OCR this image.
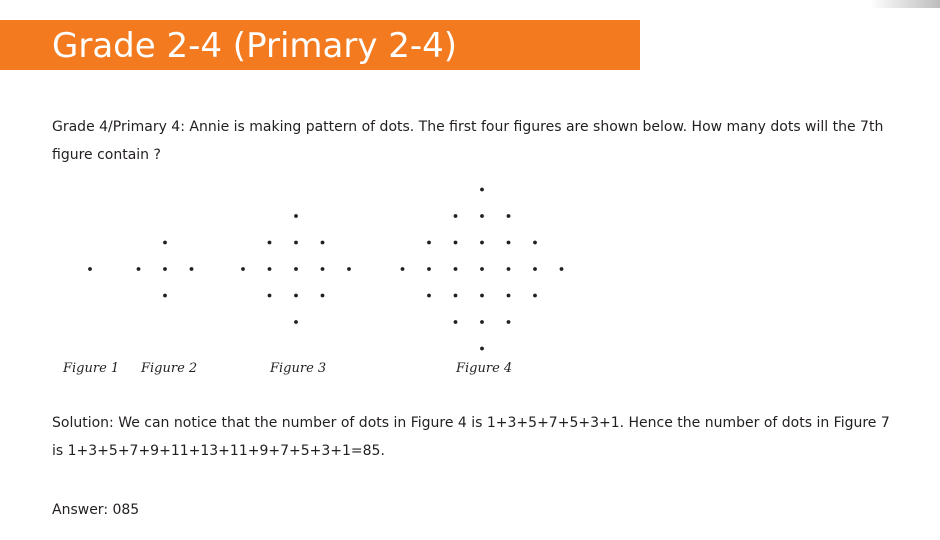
Grade 2-4 (Primary 2-4)

Grade 4/Primary 4: Annie is making pattern of dots. The first four figures are shown below. How many dots will the 7th figure contain ?

Figure 1 Figure 2	Figure 3	Figure 4

Solution: We can notice that the number of dots in Figure 4 is 1+3+5+7+5+3+1. Hence the number of dots in Figure 7 is 1+3+5+7+9+11+13+11+9+7+5+3+1=85.

Answer: 085
